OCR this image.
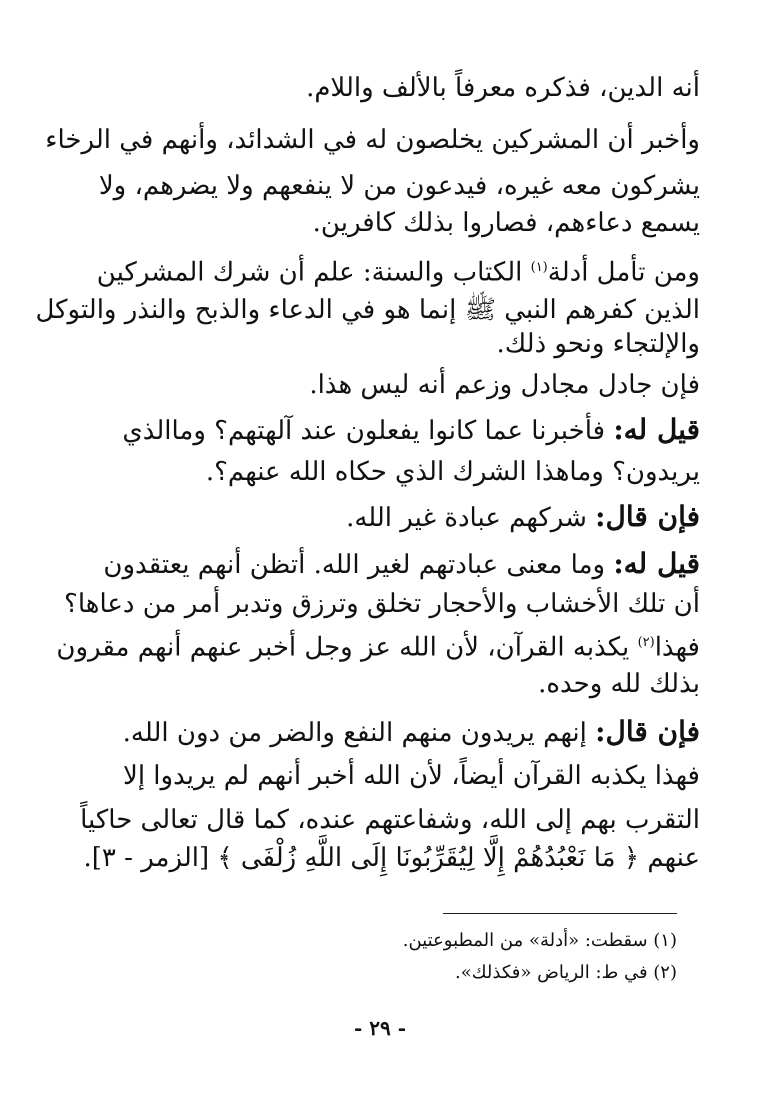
أنه الدين، فذكره معرفاً بالألف واللام.
وأخبر أن المشركين يخلصون له في الشدائد، وأنهم في الرخاء
يشركون معه غيره، فيدعون من لا ينفعهم ولا يضرهم، ولا
يسمع دعاءهم، فصاروا بذلك كافرين.
ومن تأمل أدلة$^{(١)}$ الكتاب والسنة: علم أن شرك المشركين
الذين كفرهم النبي ﷺ إنما هو في الدعاء والذبح والنذر والتوكل
والإلتجاء ونحو ذلك.
فإن جادل مجادل وزعم أنه ليس هذا.
قيل له: فأخبرنا عما كانوا يفعلون عند آلهتهم؟ وماالذي
يريدون؟ وماهذا الشرك الذي حكاه الله عنهم؟.
فإن قال: شركهم عبادة غير الله.
قيل له: وما معنى عبادتهم لغير الله. أتظن أنهم يعتقدون
أن تلك الأخشاب والأحجار تخلق وترزق وتدبر أمر من دعاها؟
فهذا$^{(٢)}$ يكذبه القرآن، لأن الله عز وجل أخبر عنهم أنهم مقرون
بذلك لله وحده.
فإن قال: إنهم يريدون منهم النفع والضر من دون الله.
فهذا يكذبه القرآن أيضاً، لأن الله أخبر أنهم لم يريدوا إلا
التقرب بهم إلى الله، وشفاعتهم عنده، كما قال تعالى حاكياً
عنهم ﴿ مَا نَعْبُدُهُمْ إِلَّا لِيُقَرِّبُونَا إِلَى اللَّهِ زُلْفَى ﴾ [الزمر - ٣].
(١) سقطت: «أدلة» من المطبوعتين.
(٢) في ط: الرياض «فكذلك».
- ٢٩ -
